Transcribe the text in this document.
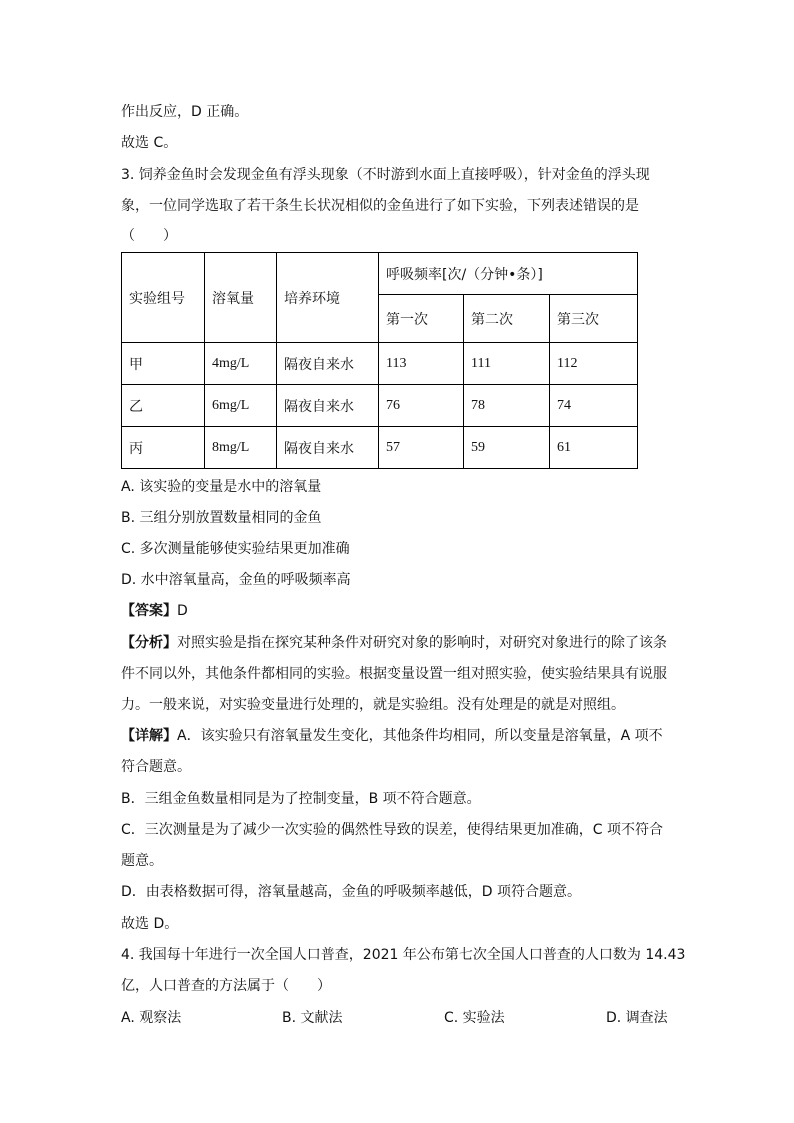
作出反应，D 正确。
故选 C。
3. 饲养金鱼时会发现金鱼有浮头现象（不时游到水面上直接呼吸），针对金鱼的浮头现
象，一位同学选取了若干条生长状况相似的金鱼进行了如下实验，下列表述错误的是
（　　）
实验组号	溶氧量	培养环境	呼吸频率[次/（分钟•条）]		
			第一次	第二次	第三次
甲	4mg/L	隔夜自来水	113	111	112
乙	6mg/L	隔夜自来水	76	78	74
丙	8mg/L	隔夜自来水	57	59	61
A. 该实验的变量是水中的溶氧量
B. 三组分别放置数量相同的金鱼
C. 多次测量能够使实验结果更加准确
D. 水中溶氧量高，金鱼的呼吸频率高
【答案】D
【分析】对照实验是指在探究某种条件对研究对象的影响时，对研究对象进行的除了该条
件不同以外，其他条件都相同的实验。根据变量设置一组对照实验，使实验结果具有说服
力。一般来说，对实验变量进行处理的，就是实验组。没有处理是的就是对照组。
【详解】A．该实验只有溶氧量发生变化，其他条件均相同，所以变量是溶氧量，A 项不
符合题意。
B．三组金鱼数量相同是为了控制变量，B 项不符合题意。
C．三次测量是为了减少一次实验的偶然性导致的误差，使得结果更加准确，C 项不符合
题意。
D．由表格数据可得，溶氧量越高，金鱼的呼吸频率越低，D 项符合题意。
故选 D。
4. 我国每十年进行一次全国人口普查，2021 年公布第七次全国人口普查的人口数为 14.43
亿，人口普查的方法属于（　　）
A. 观察法	B. 文献法	C. 实验法	D. 调查法
